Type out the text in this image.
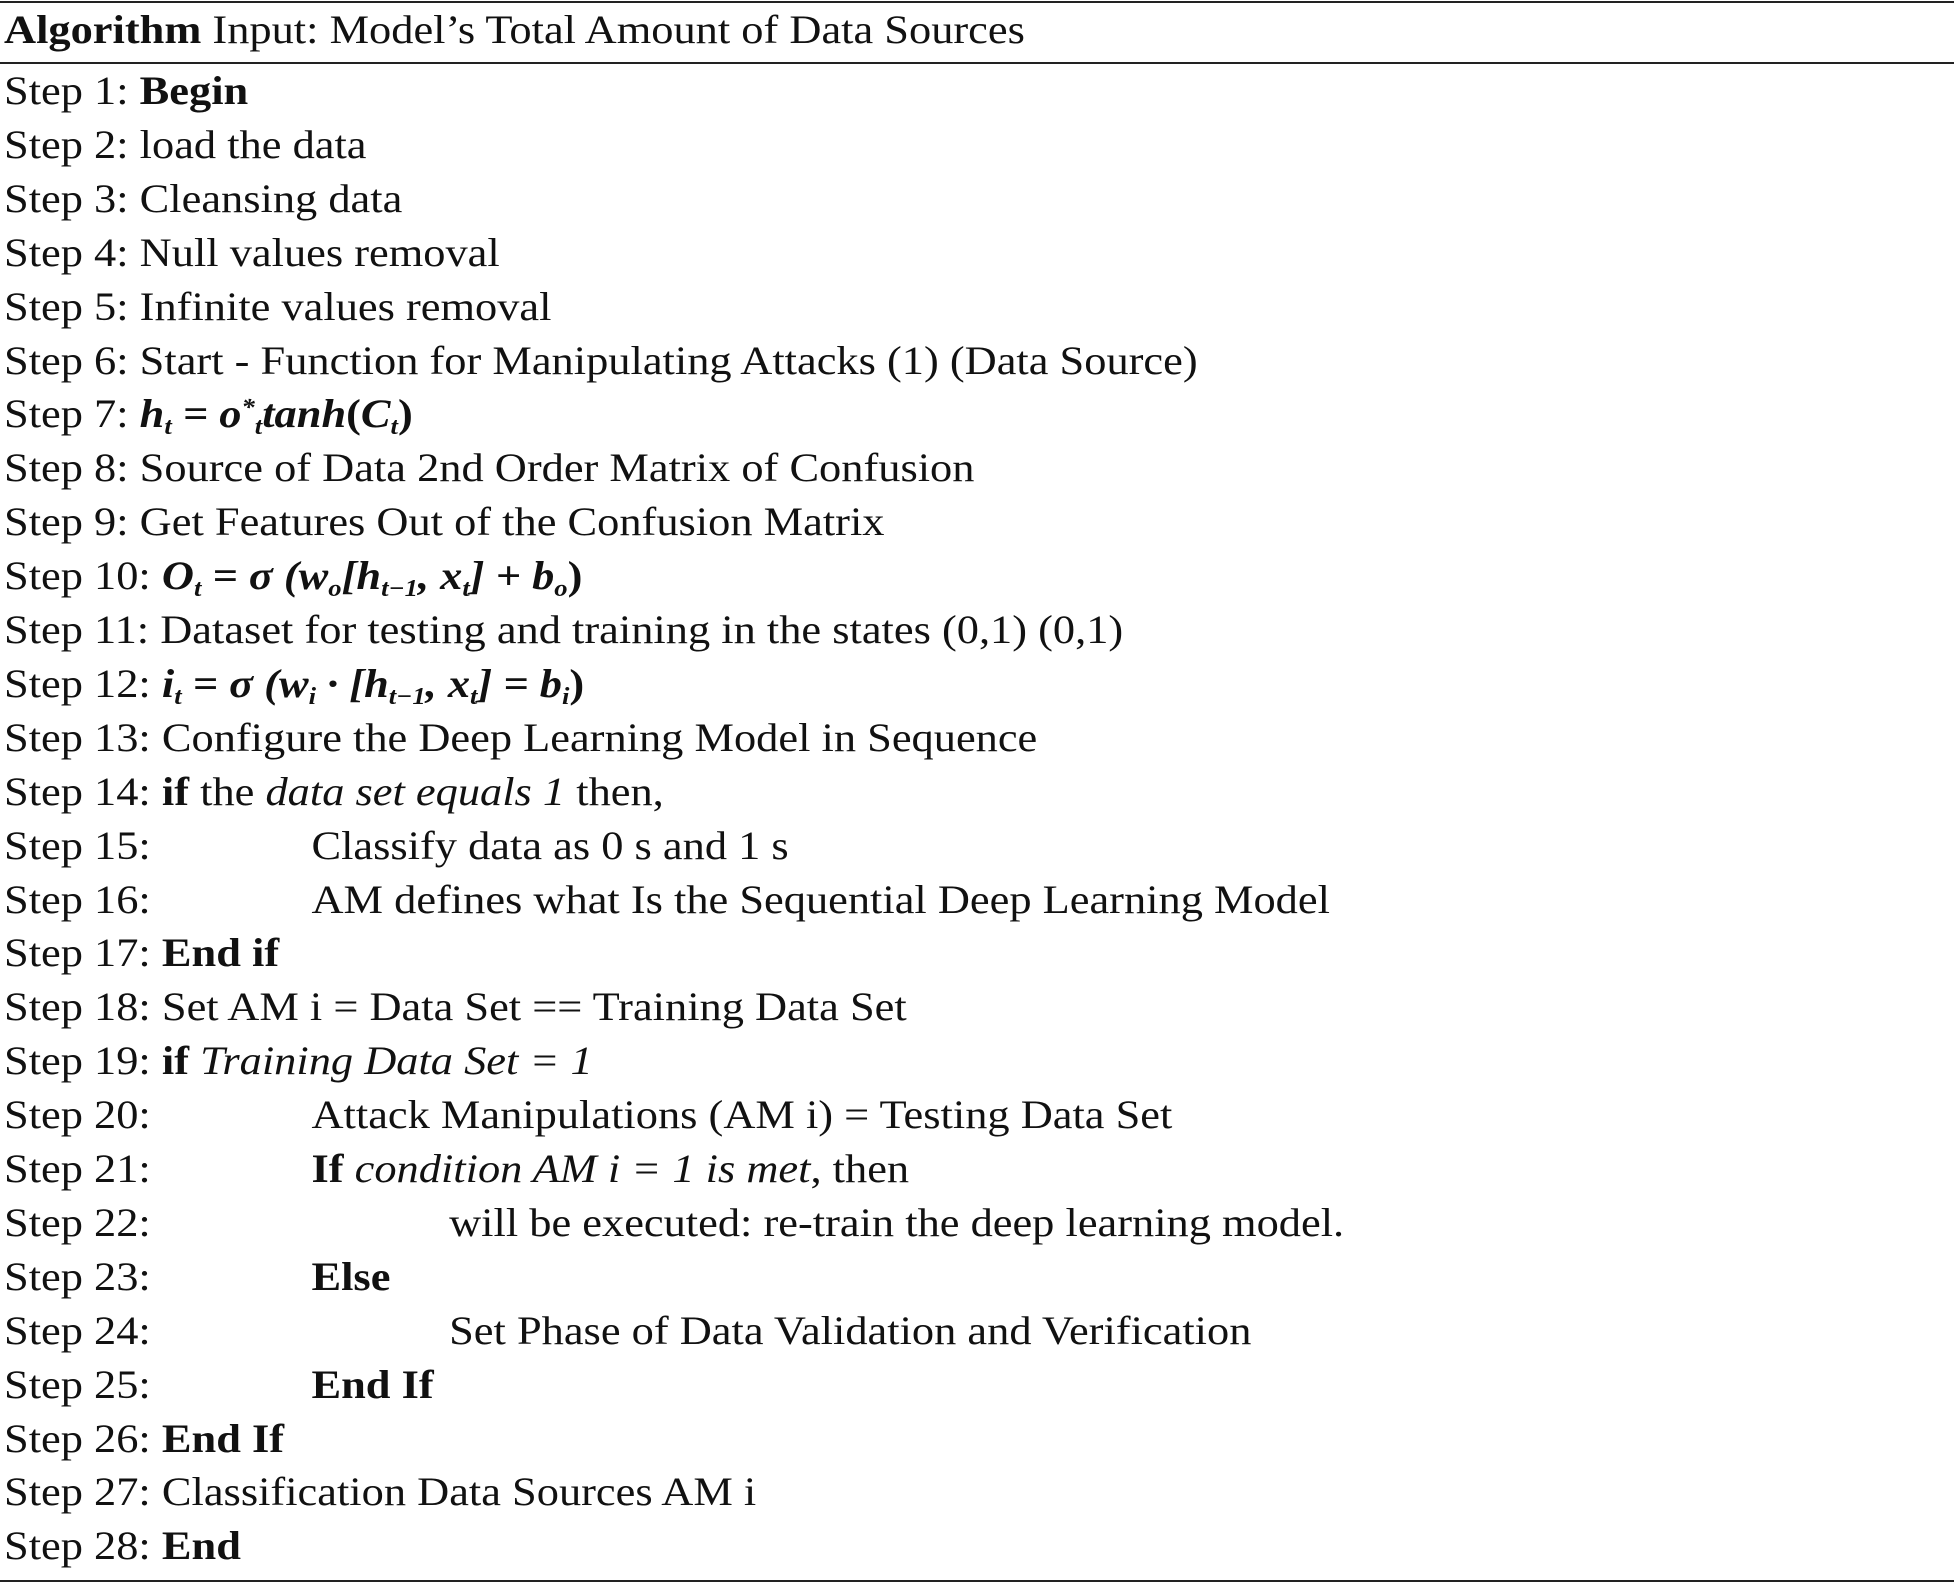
Algorithm Input: Model’s Total Amount of Data Sources
Step 1: Begin
Step 2: load the data
Step 3: Cleansing data
Step 4: Null values removal
Step 5: Infinite values removal
Step 6: Start - Function for Manipulating Attacks (1) (Data Source)
Step 7: $h_t = o^*_t\tanh(C_t)$
Step 8: Source of Data 2nd Order Matrix of Confusion
Step 9: Get Features Out of the Confusion Matrix
Step 10: $O_t = \sigma$ ($w_o[h_{t-1}$, $x_t] + b_o$)
Step 11: Dataset for testing and training in the states (0,1) (0,1)
Step 12: $i_t = \sigma$ ($w_i \cdot [h_{t-1}$, $x_t] = b_i$)
Step 13: Configure the Deep Learning Model in Sequence
Step 14: if the data set equals 1 then,
Step 15:	Classify data as 0 s and 1 s
Step 16:	AM defines what Is the Sequential Deep Learning Model
Step 17: End if
Step 18: Set AM i = Data Set == Training Data Set
Step 19: if Training Data Set = 1
Step 20:	Attack Manipulations (AM i) = Testing Data Set
Step 21:	If condition AM i = 1 is met, then
Step 22:	will be executed: re-train the deep learning model.
Step 23:	Else
Step 24:	Set Phase of Data Validation and Verification
Step 25:	End If
Step 26: End If
Step 27: Classification Data Sources AM i
Step 28: End
